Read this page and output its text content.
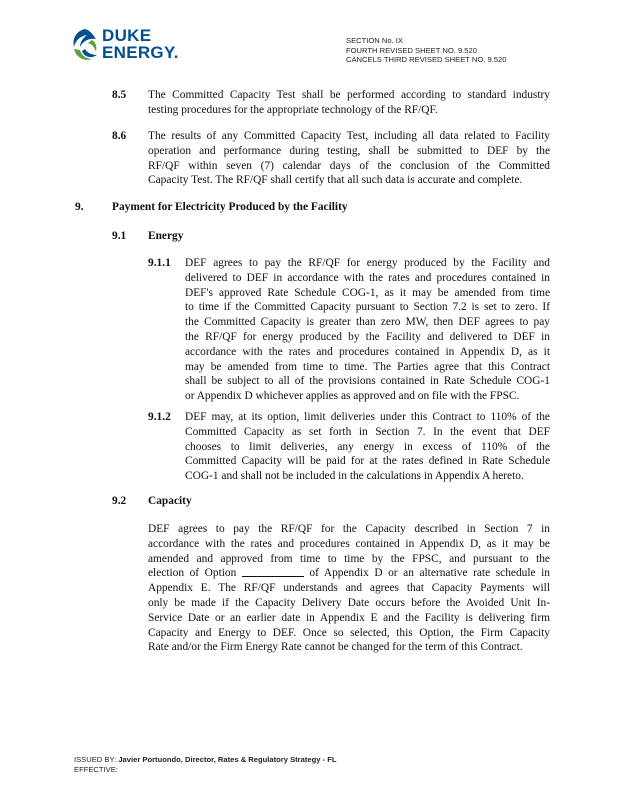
DUKE
ENERGY.
SECTION No. IX
FOURTH REVISED SHEET NO. 9.520
CANCELS THIRD REVISED SHEET NO. 9.520
8.5 The Committed Capacity Test shall be performed according to standard industry
testing procedures for the appropriate technology of the RF/QF.
8.6 The results of any Committed Capacity Test, including all data related to Facility
operation and performance during testing, shall be submitted to DEF by the
RF/QF within seven (7) calendar days of the conclusion of the Committed
Capacity Test. The RF/QF shall certify that all such data is accurate and complete.
9. Payment for Electricity Produced by the Facility
9.1 Energy
9.1.1 DEF agrees to pay the RF/QF for energy produced by the Facility and
delivered to DEF in accordance with the rates and procedures contained in
DEF's approved Rate Schedule COG-1, as it may be amended from time
to time if the Committed Capacity pursuant to Section 7.2 is set to zero. If
the Committed Capacity is greater than zero MW, then DEF agrees to pay
the RF/QF for energy produced by the Facility and delivered to DEF in
accordance with the rates and procedures contained in Appendix D, as it
may be amended from time to time. The Parties agree that this Contract
shall be subject to all of the provisions contained in Rate Schedule COG-1
or Appendix D whichever applies as approved and on file with the FPSC.
9.1.2 DEF may, at its option, limit deliveries under this Contract to 110% of the
Committed Capacity as set forth in Section 7. In the event that DEF
chooses to limit deliveries, any energy in excess of 110% of the
Committed Capacity will be paid for at the rates defined in Rate Schedule
COG-1 and shall not be included in the calculations in Appendix A hereto.
9.2 Capacity
DEF agrees to pay the RF/QF for the Capacity described in Section 7 in
accordance with the rates and procedures contained in Appendix D, as it may be
amended and approved from time to time by the FPSC, and pursuant to the
election of Option	of Appendix D or an alternative rate schedule in
Appendix E. The RF/QF understands and agrees that Capacity Payments will
only be made if the Capacity Delivery Date occurs before the Avoided Unit In-
Service Date or an earlier date in Appendix E and the Facility is delivering firm
Capacity and Energy to DEF. Once so selected, this Option, the Firm Capacity
Rate and/or the Firm Energy Rate cannot be changed for the term of this Contract.
ISSUED BY: Javier Portuondo, Director, Rates & Regulatory Strategy - FL
EFFECTIVE:
